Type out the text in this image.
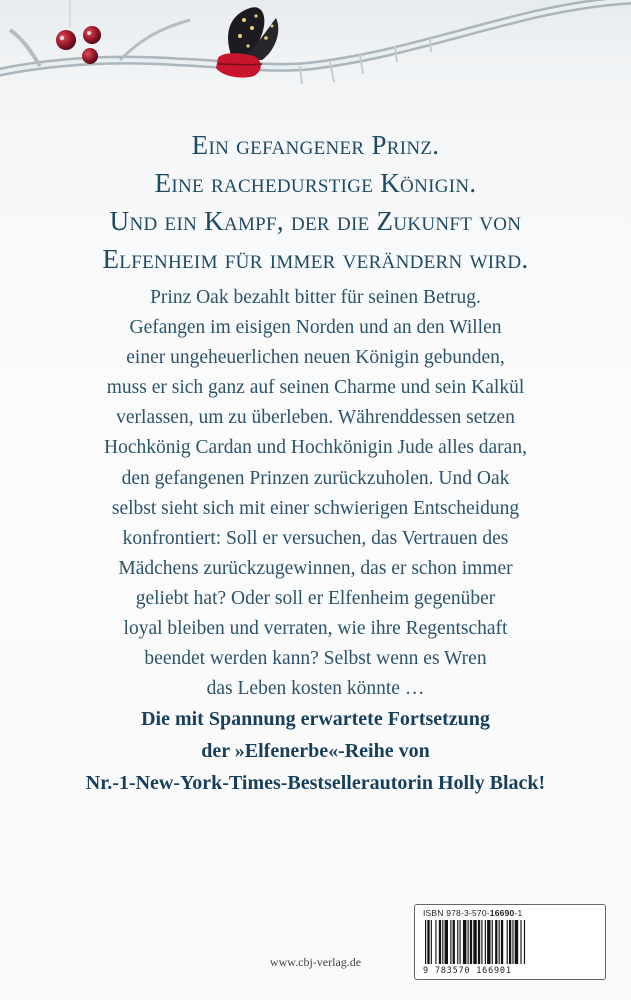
Ein gefangener Prinz.
Eine rachedurstige Königin.
Und ein Kampf, der die Zukunft von
Elfenheim für immer verändern wird.

Prinz Oak bezahlt bitter für seinen Betrug.

Gefangen im eisigen Norden und an den Willen

einer ungeheuerlichen neuen Königin gebunden,

muss er sich ganz auf seinen Charme und sein Kalkül

verlassen, um zu überleben. Währenddessen setzen

Hochkönig Cardan und Hochkönigin Jude alles daran,

den gefangenen Prinzen zurückzuholen. Und Oak

selbst sieht sich mit einer schwierigen Entscheidung

konfrontiert: Soll er versuchen, das Vertrauen des

Mädchens zurückzugewinnen, das er schon immer

geliebt hat? Oder soll er Elfenheim gegenüber

loyal bleiben und verraten, wie ihre Regentschaft

beendet werden kann? Selbst wenn es Wren

das Leben kosten könnte …

Die mit Spannung erwartete Fortsetzung
der »Elfenerbe«-Reihe von
Nr.-1-New-York-Times-Bestsellerautorin Holly Black!
ISBN 978-3-570-16690-1
9 783570 166901
www.cbj-verlag.de
